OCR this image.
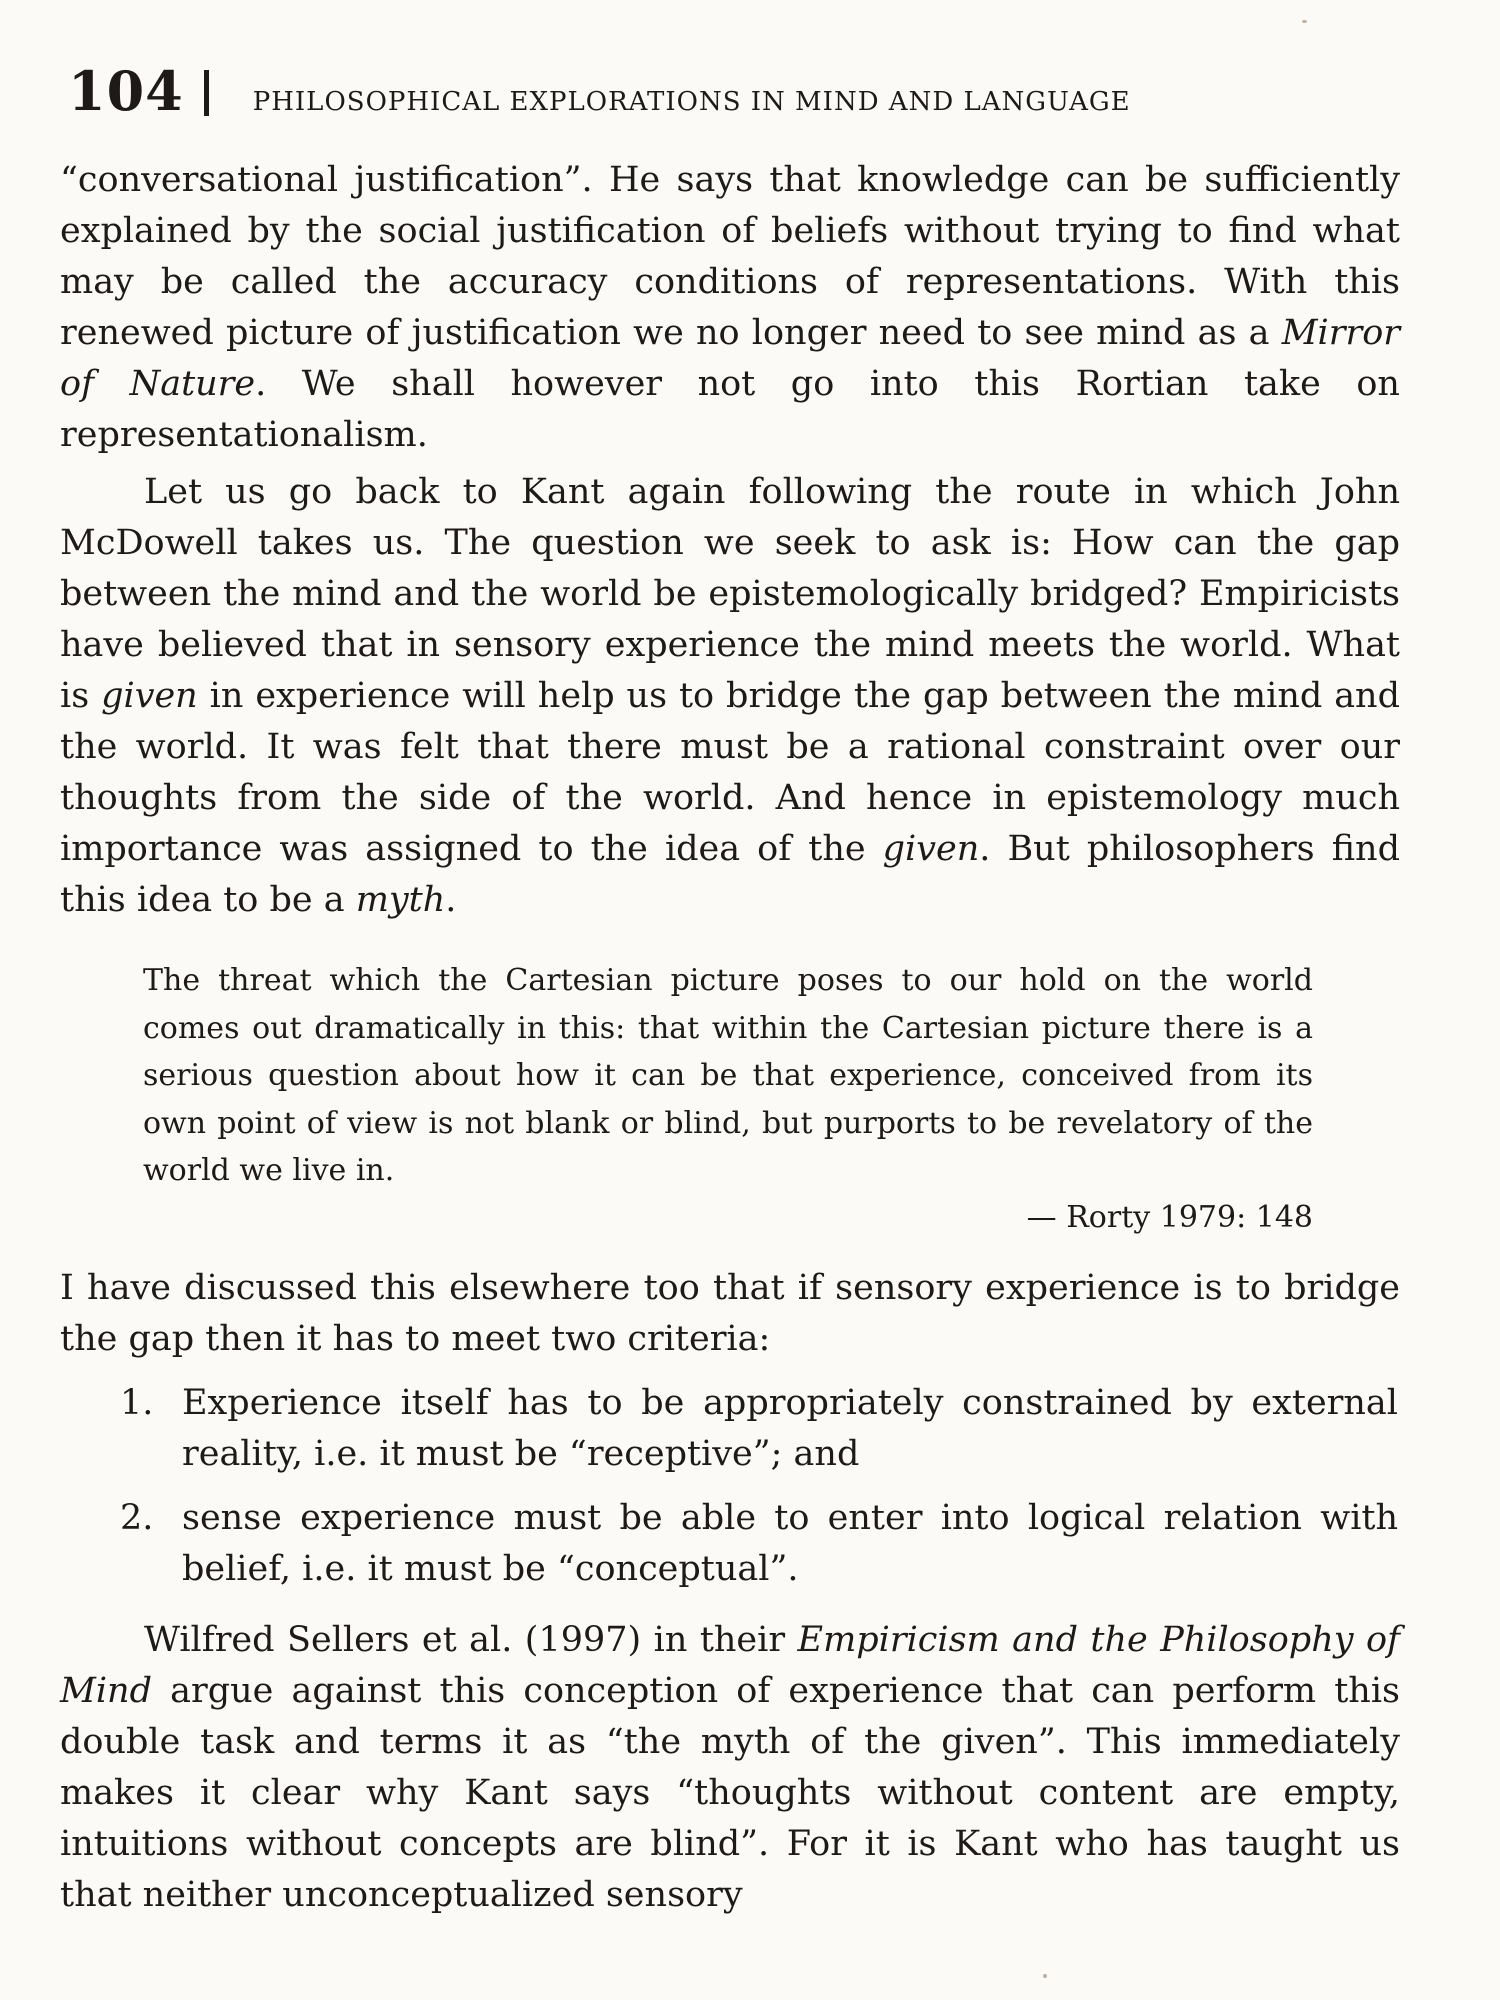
104	PHILOSOPHICAL EXPLORATIONS IN MIND AND LANGUAGE

“conversational justification”. He says that knowledge can be sufficiently explained by the social justification of beliefs without trying to find what may be called the accuracy conditions of representations. With this renewed picture of justification we no longer need to see mind as a Mirror of Nature. We shall however not go into this Rortian take on representationalism.

Let us go back to Kant again following the route in which John McDowell takes us. The question we seek to ask is: How can the gap between the mind and the world be epistemologically bridged? Empiricists have believed that in sensory experience the mind meets the world. What is given in experience will help us to bridge the gap between the mind and the world. It was felt that there must be a rational constraint over our thoughts from the side of the world. And hence in epistemology much importance was assigned to the idea of the given. But philosophers find this idea to be a myth.

The threat which the Cartesian picture poses to our hold on the world comes out dramatically in this: that within the Cartesian picture there is a serious question about how it can be that experience, conceived from its own point of view is not blank or blind, but purports to be revelatory of the world we live in.

— Rorty 1979: 148

I have discussed this elsewhere too that if sensory experience is to bridge the gap then it has to meet two criteria:

1. Experience itself has to be appropriately constrained by external reality, i.e. it must be “receptive”; and
2. sense experience must be able to enter into logical relation with belief, i.e. it must be “conceptual”.

Wilfred Sellers et al. (1997) in their Empiricism and the Philosophy of Mind argue against this conception of experience that can perform this double task and terms it as “the myth of the given”. This immediately makes it clear why Kant says “thoughts without content are empty, intuitions without concepts are blind”. For it is Kant who has taught us that neither unconceptualized sensory
